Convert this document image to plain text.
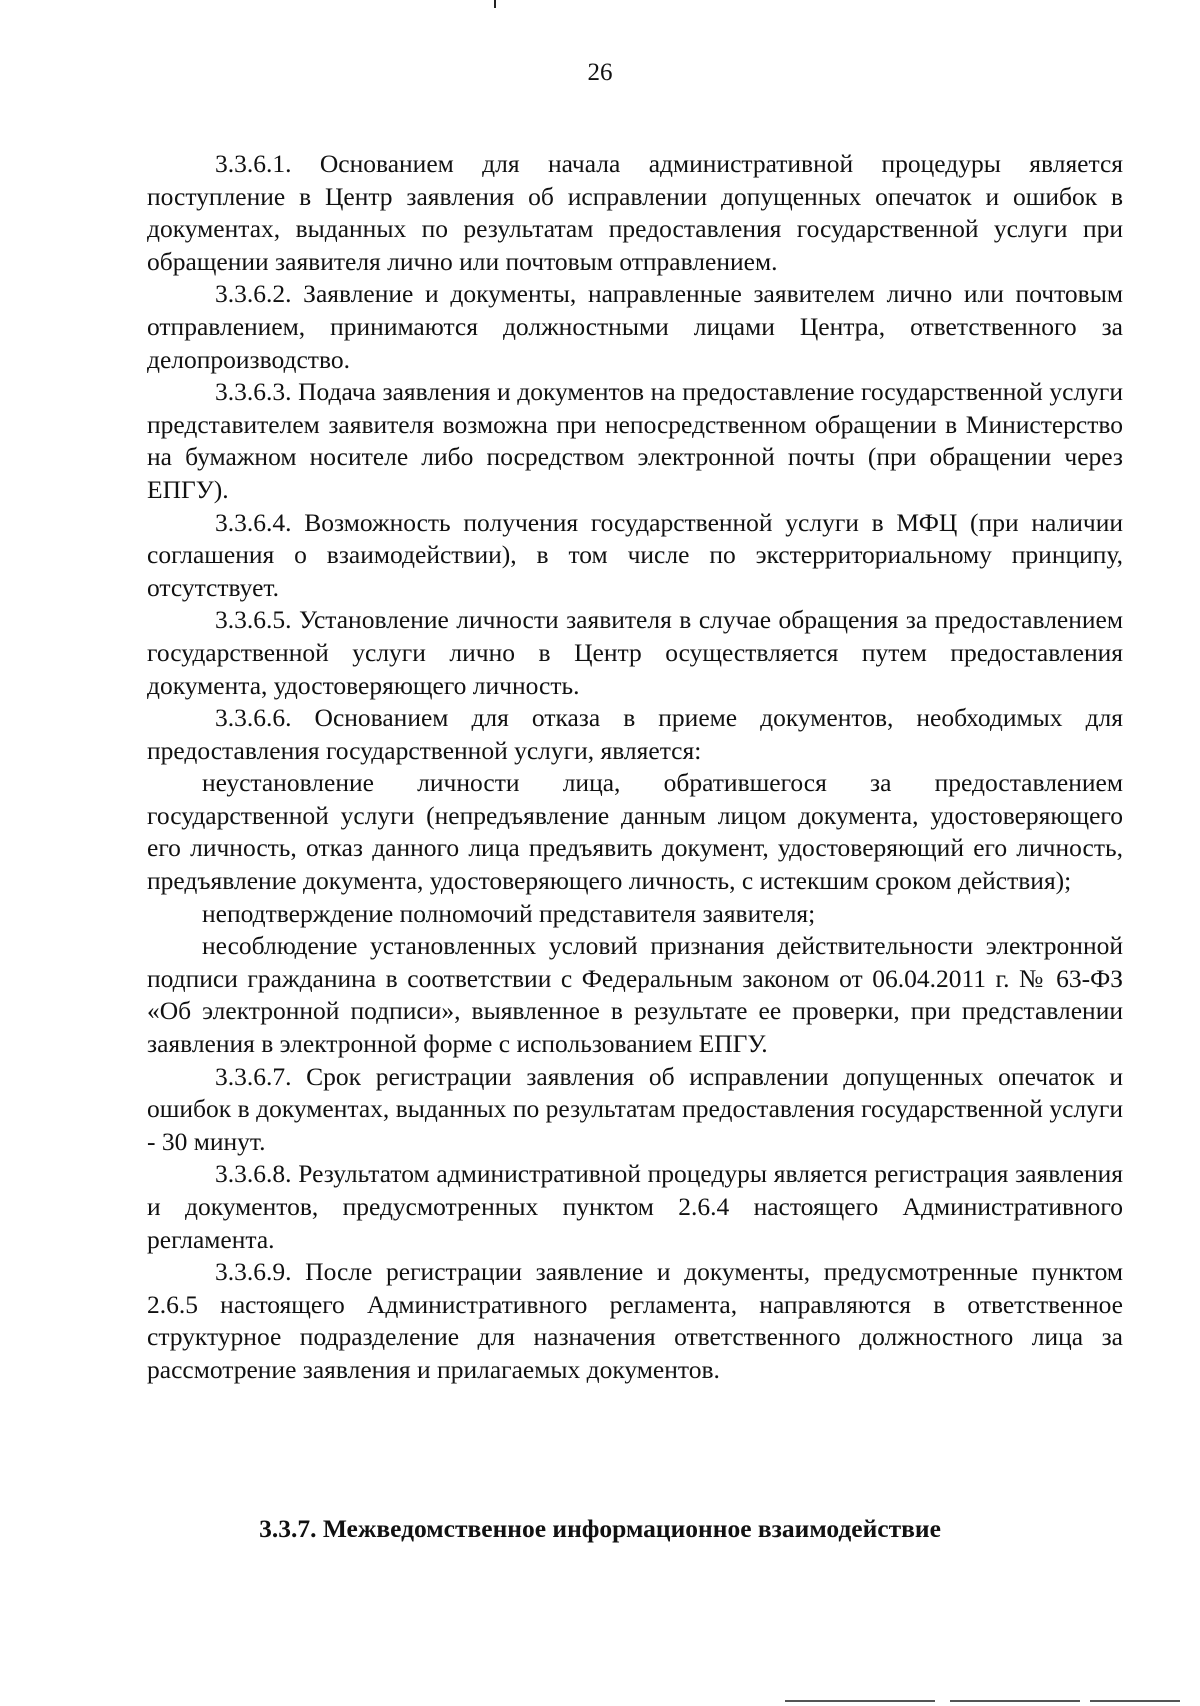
26

3.3.6.1. Основанием для начала административной процедуры является поступление в Центр заявления об исправлении допущенных опечаток и ошибок в документах, выданных по результатам предоставления государственной услуги при обращении заявителя лично или почтовым отправлением.

3.3.6.2. Заявление и документы, направленные заявителем лично или почтовым отправлением, принимаются должностными лицами Центра, ответственного за делопроизводство.

3.3.6.3. Подача заявления и документов на предоставление государственной услуги представителем заявителя возможна при непосредственном обращении в Министерство на бумажном носителе либо посредством электронной почты (при обращении через ЕПГУ).

3.3.6.4. Возможность получения государственной услуги в МФЦ (при наличии соглашения о взаимодействии), в том числе по экстерриториальному принципу, отсутствует.

3.3.6.5. Установление личности заявителя в случае обращения за предоставлением государственной услуги лично в Центр осуществляется путем предоставления документа, удостоверяющего личность.

3.3.6.6. Основанием для отказа в приеме документов, необходимых для предоставления государственной услуги, является:

неустановление личности лица, обратившегося за предоставлением государственной услуги (непредъявление данным лицом документа, удостоверяющего его личность, отказ данного лица предъявить документ, удостоверяющий его личность, предъявление документа, удостоверяющего личность, с истекшим сроком действия);

неподтверждение полномочий представителя заявителя;

несоблюдение установленных условий признания действительности электронной подписи гражданина в соответствии с Федеральным законом от 06.04.2011 г. № 63-ФЗ «Об электронной подписи», выявленное в результате ее проверки, при представлении заявления в электронной форме с использованием ЕПГУ.

3.3.6.7. Срок регистрации заявления об исправлении допущенных опечаток и ошибок в документах, выданных по результатам предоставления государственной услуги - 30 минут.

3.3.6.8. Результатом административной процедуры является регистрация заявления и документов, предусмотренных пунктом 2.6.4 настоящего Административного регламента.

3.3.6.9. После регистрации заявление и документы, предусмотренные пунктом 2.6.5 настоящего Административного регламента, направляются в ответственное структурное подразделение для назначения ответственного должностного лица за рассмотрение заявления и прилагаемых документов.

3.3.7. Межведомственное информационное взаимодействие
